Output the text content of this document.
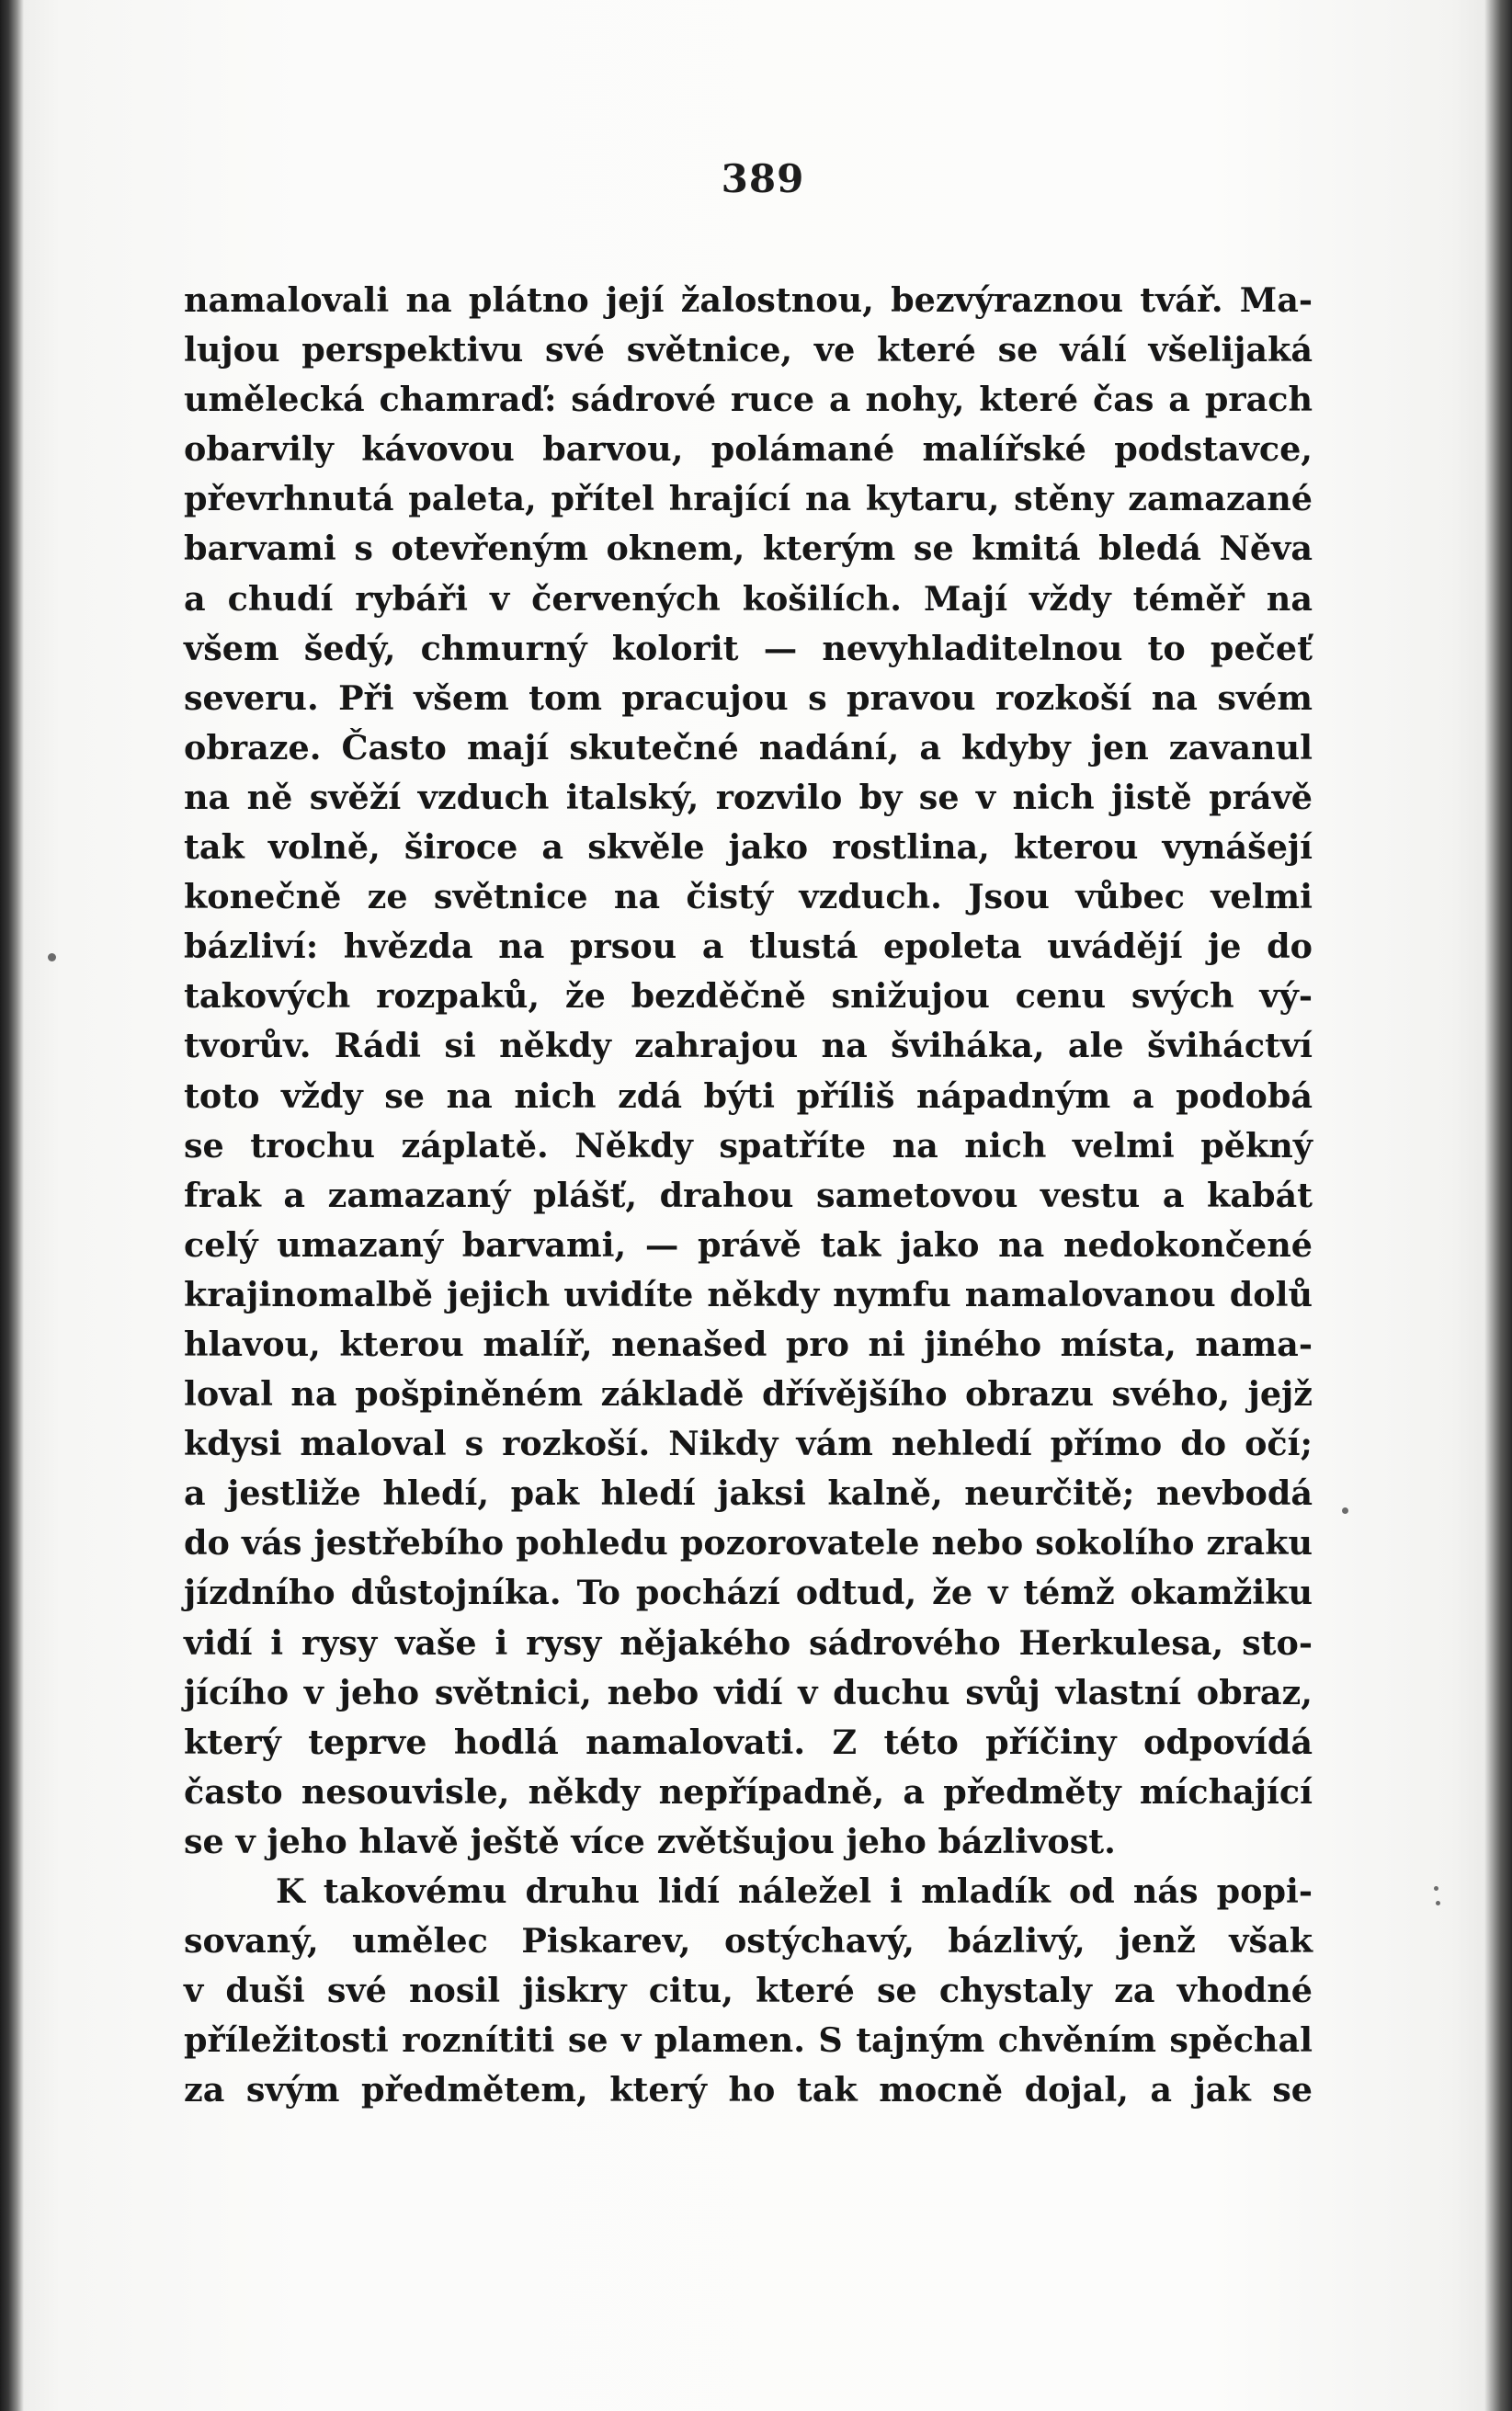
389
namalovali na plátno její žalostnou, bezvýraznou tvář. Ma-
lujou perspektivu své světnice, ve které se válí všelijaká
umělecká chamraď: sádrové ruce a nohy, které čas a prach
obarvily kávovou barvou, polámané malířské podstavce,
převrhnutá paleta, přítel hrající na kytaru, stěny zamazané
barvami s otevřeným oknem, kterým se kmitá bledá Něva
a chudí rybáři v červených košilích. Mají vždy téměř na
všem šedý, chmurný kolorit — nevyhladitelnou to pečeť
severu. Při všem tom pracujou s pravou rozkoší na svém
obraze. Často mají skutečné nadání, a kdyby jen zavanul
na ně svěží vzduch italský, rozvilo by se v nich jistě právě
tak volně, široce a skvěle jako rostlina, kterou vynášejí
konečně ze světnice na čistý vzduch. Jsou vůbec velmi
bázliví: hvězda na prsou a tlustá epoleta uvádějí je do
takových rozpaků, že bezděčně snižujou cenu svých vý-
tvorův. Rádi si někdy zahrajou na šviháka, ale šviháctví
toto vždy se na nich zdá býti příliš nápadným a podobá
se trochu záplatě. Někdy spatříte na nich velmi pěkný
frak a zamazaný plášť, drahou sametovou vestu a kabát
celý umazaný barvami, — právě tak jako na nedokončené
krajinomalbě jejich uvidíte někdy nymfu namalovanou dolů
hlavou, kterou malíř, nenašed pro ni jiného místa, nama-
loval na pošpiněném základě dřívějšího obrazu svého, jejž
kdysi maloval s rozkoší. Nikdy vám nehledí přímo do očí;
a jestliže hledí, pak hledí jaksi kalně, neurčitě; nevbodá
do vás jestřebího pohledu pozorovatele nebo sokolího zraku
jízdního důstojníka. To pochází odtud, že v témž okamžiku
vidí i rysy vaše i rysy nějakého sádrového Herkulesa, sto-
jícího v jeho světnici, nebo vidí v duchu svůj vlastní obraz,
který teprve hodlá namalovati. Z této příčiny odpovídá
často nesouvisle, někdy nepřípadně, a předměty míchající
se v jeho hlavě ještě více zvětšujou jeho bázlivost.
K takovému druhu lidí náležel i mladík od nás popi-
sovaný, umělec Piskarev, ostýchavý, bázlivý, jenž však
v duši své nosil jiskry citu, které se chystaly za vhodné
příležitosti roznítiti se v plamen. S tajným chvěním spěchal
za svým předmětem, který ho tak mocně dojal, a jak se
